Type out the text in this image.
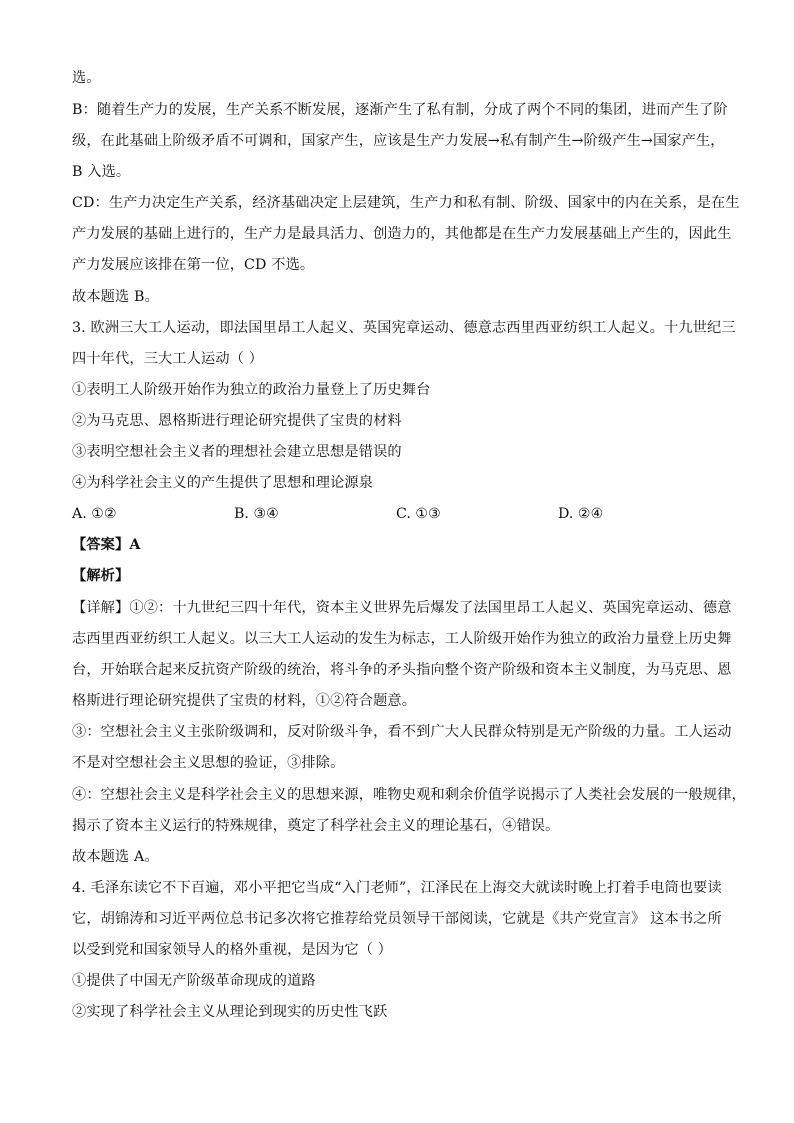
选。
B：随着生产力的发展，生产关系不断发展，逐渐产生了私有制，分成了两个不同的集团，进而产生了阶
级，在此基础上阶级矛盾不可调和，国家产生，应该是生产力发展→私有制产生→阶级产生→国家产生，
B 入选。
CD：生产力决定生产关系，经济基础决定上层建筑，生产力和私有制、阶级、国家中的内在关系，是在生
产力发展的基础上进行的，生产力是最具活力、创造力的，其他都是在生产力发展基础上产生的，因此生
产力发展应该排在第一位，CD 不选。
故本题选 B。
3. 欧洲三大工人运动，即法国里昂工人起义、英国宪章运动、德意志西里西亚纺织工人起义。十九世纪三
四十年代，三大工人运动（ ）
①表明工人阶级开始作为独立的政治力量登上了历史舞台
②为马克思、恩格斯进行理论研究提供了宝贵的材料
③表明空想社会主义者的理想社会建立思想是错误的
④为科学社会主义的产生提供了思想和理论源泉
A. ①②	B. ③④	C. ①③	D. ②④
【答案】A
【解析】
【详解】①②：十九世纪三四十年代，资本主义世界先后爆发了法国里昂工人起义、英国宪章运动、德意
志西里西亚纺织工人起义。以三大工人运动的发生为标志，工人阶级开始作为独立的政治力量登上历史舞
台，开始联合起来反抗资产阶级的统治，将斗争的矛头指向整个资产阶级和资本主义制度，为马克思、恩
格斯进行理论研究提供了宝贵的材料，①②符合题意。
③：空想社会主义主张阶级调和，反对阶级斗争，看不到广大人民群众特别是无产阶级的力量。工人运动
不是对空想社会主义思想的验证，③排除。
④：空想社会主义是科学社会主义的思想来源，唯物史观和剩余价值学说揭示了人类社会发展的一般规律，
揭示了资本主义运行的特殊规律，奠定了科学社会主义的理论基石，④错误。
故本题选 A。
4. 毛泽东读它不下百遍，邓小平把它当成“入门老师”，江泽民在上海交大就读时晚上打着手电筒也要读
它，胡锦涛和习近平两位总书记多次将它推荐给党员领导干部阅读，它就是《共产党宣言》 这本书之所
以受到党和国家领导人的格外重视，是因为它（ ）
①提供了中国无产阶级革命现成的道路
②实现了科学社会主义从理论到现实的历史性飞跃
